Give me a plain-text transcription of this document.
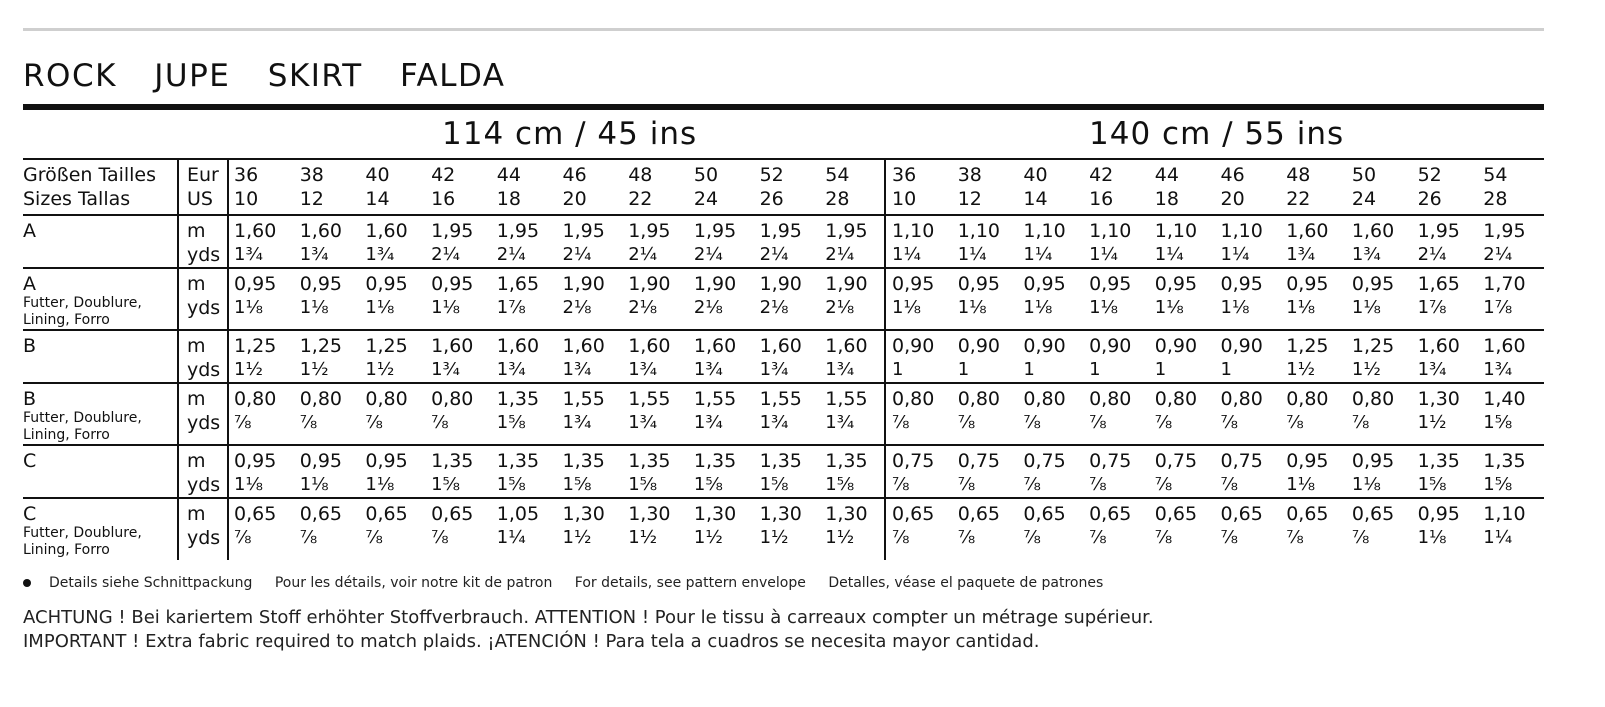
ROCK JUPE SKIRT FALDA
114 cm / 45 ins	140 cm / 55 ins
Größen Tailles
Sizes Tallas
Eur
US
36 38 40 42 44 46 48 50 52 54 36 38 40 42 44 46 48 50 52 54
10 12 14 16 18 20 22 24 26 28 10 12 14 16 18 20 22 24 26 28
A	m
yds
1,60 1,60 1,60 1,95 1,95 1,95 1,95 1,95 1,95 1,95 1,10 1,10 1,10 1,10 1,10 1,10 1,60 1,60 1,95 1,95
1¾ 1¾ 1¾ 2¼ 2¼ 2¼ 2¼ 2¼ 2¼ 2¼ 1¼ 1¼ 1¼ 1¼ 1¼ 1¼ 1¾ 1¾ 2¼ 2¼
A
Futter, Doublure,
Lining, Forro
m
yds
0,95 0,95 0,95 0,95 1,65 1,90 1,90 1,90 1,90 1,90 0,95 0,95 0,95 0,95 0,95 0,95 0,95 0,95 1,65 1,70
1⅛ 1⅛ 1⅛ 1⅛ 1⅞ 2⅛ 2⅛ 2⅛ 2⅛ 2⅛ 1⅛ 1⅛ 1⅛ 1⅛ 1⅛ 1⅛ 1⅛ 1⅛ 1⅞ 1⅞
B	m
yds
1,25 1,25 1,25 1,60 1,60 1,60 1,60 1,60 1,60 1,60 0,90 0,90 0,90 0,90 0,90 0,90 1,25 1,25 1,60 1,60
1½ 1½ 1½ 1¾ 1¾ 1¾ 1¾ 1¾ 1¾ 1¾ 1	1	1	1	1	1	1½ 1½ 1¾ 1¾
B
Futter, Doublure,
Lining, Forro
m
yds
0,80 0,80 0,80 0,80 1,35 1,55 1,55 1,55 1,55 1,55 0,80 0,80 0,80 0,80 0,80 0,80 0,80 0,80 1,30 1,40
⅞	⅞	⅞	⅞	1⅝ 1¾ 1¾ 1¾ 1¾ 1¾ ⅞	⅞	⅞	⅞	⅞	⅞	⅞	⅞	1½ 1⅝
C	m
yds
0,95 0,95 0,95 1,35 1,35 1,35 1,35 1,35 1,35 1,35 0,75 0,75 0,75 0,75 0,75 0,75 0,95 0,95 1,35 1,35
1⅛ 1⅛ 1⅛ 1⅝ 1⅝ 1⅝ 1⅝ 1⅝ 1⅝ 1⅝ ⅞	⅞	⅞	⅞	⅞	⅞	1⅛ 1⅛ 1⅝ 1⅝
C
Futter, Doublure,
Lining, Forro
m
yds
0,65 0,65 0,65 0,65 1,05 1,30 1,30 1,30 1,30 1,30 0,65 0,65 0,65 0,65 0,65 0,65 0,65 0,65 0,95 1,10
⅞	⅞	⅞	⅞	1¼ 1½ 1½ 1½ 1½ 1½ ⅞	⅞	⅞	⅞	⅞	⅞	⅞	⅞	1⅛ 1¼
Details siehe Schnittpackung Pour les détails, voir notre kit de patron For details, see pattern envelope Detalles, véase el paquete de patrones
ACHTUNG ! Bei kariertem Stoff erhöhter Stoffverbrauch. ATTENTION ! Pour le tissu à carreaux compter un métrage supérieur.
IMPORTANT ! Extra fabric required to match plaids. ¡ATENCIÓN ! Para tela a cuadros se necesita mayor cantidad.
